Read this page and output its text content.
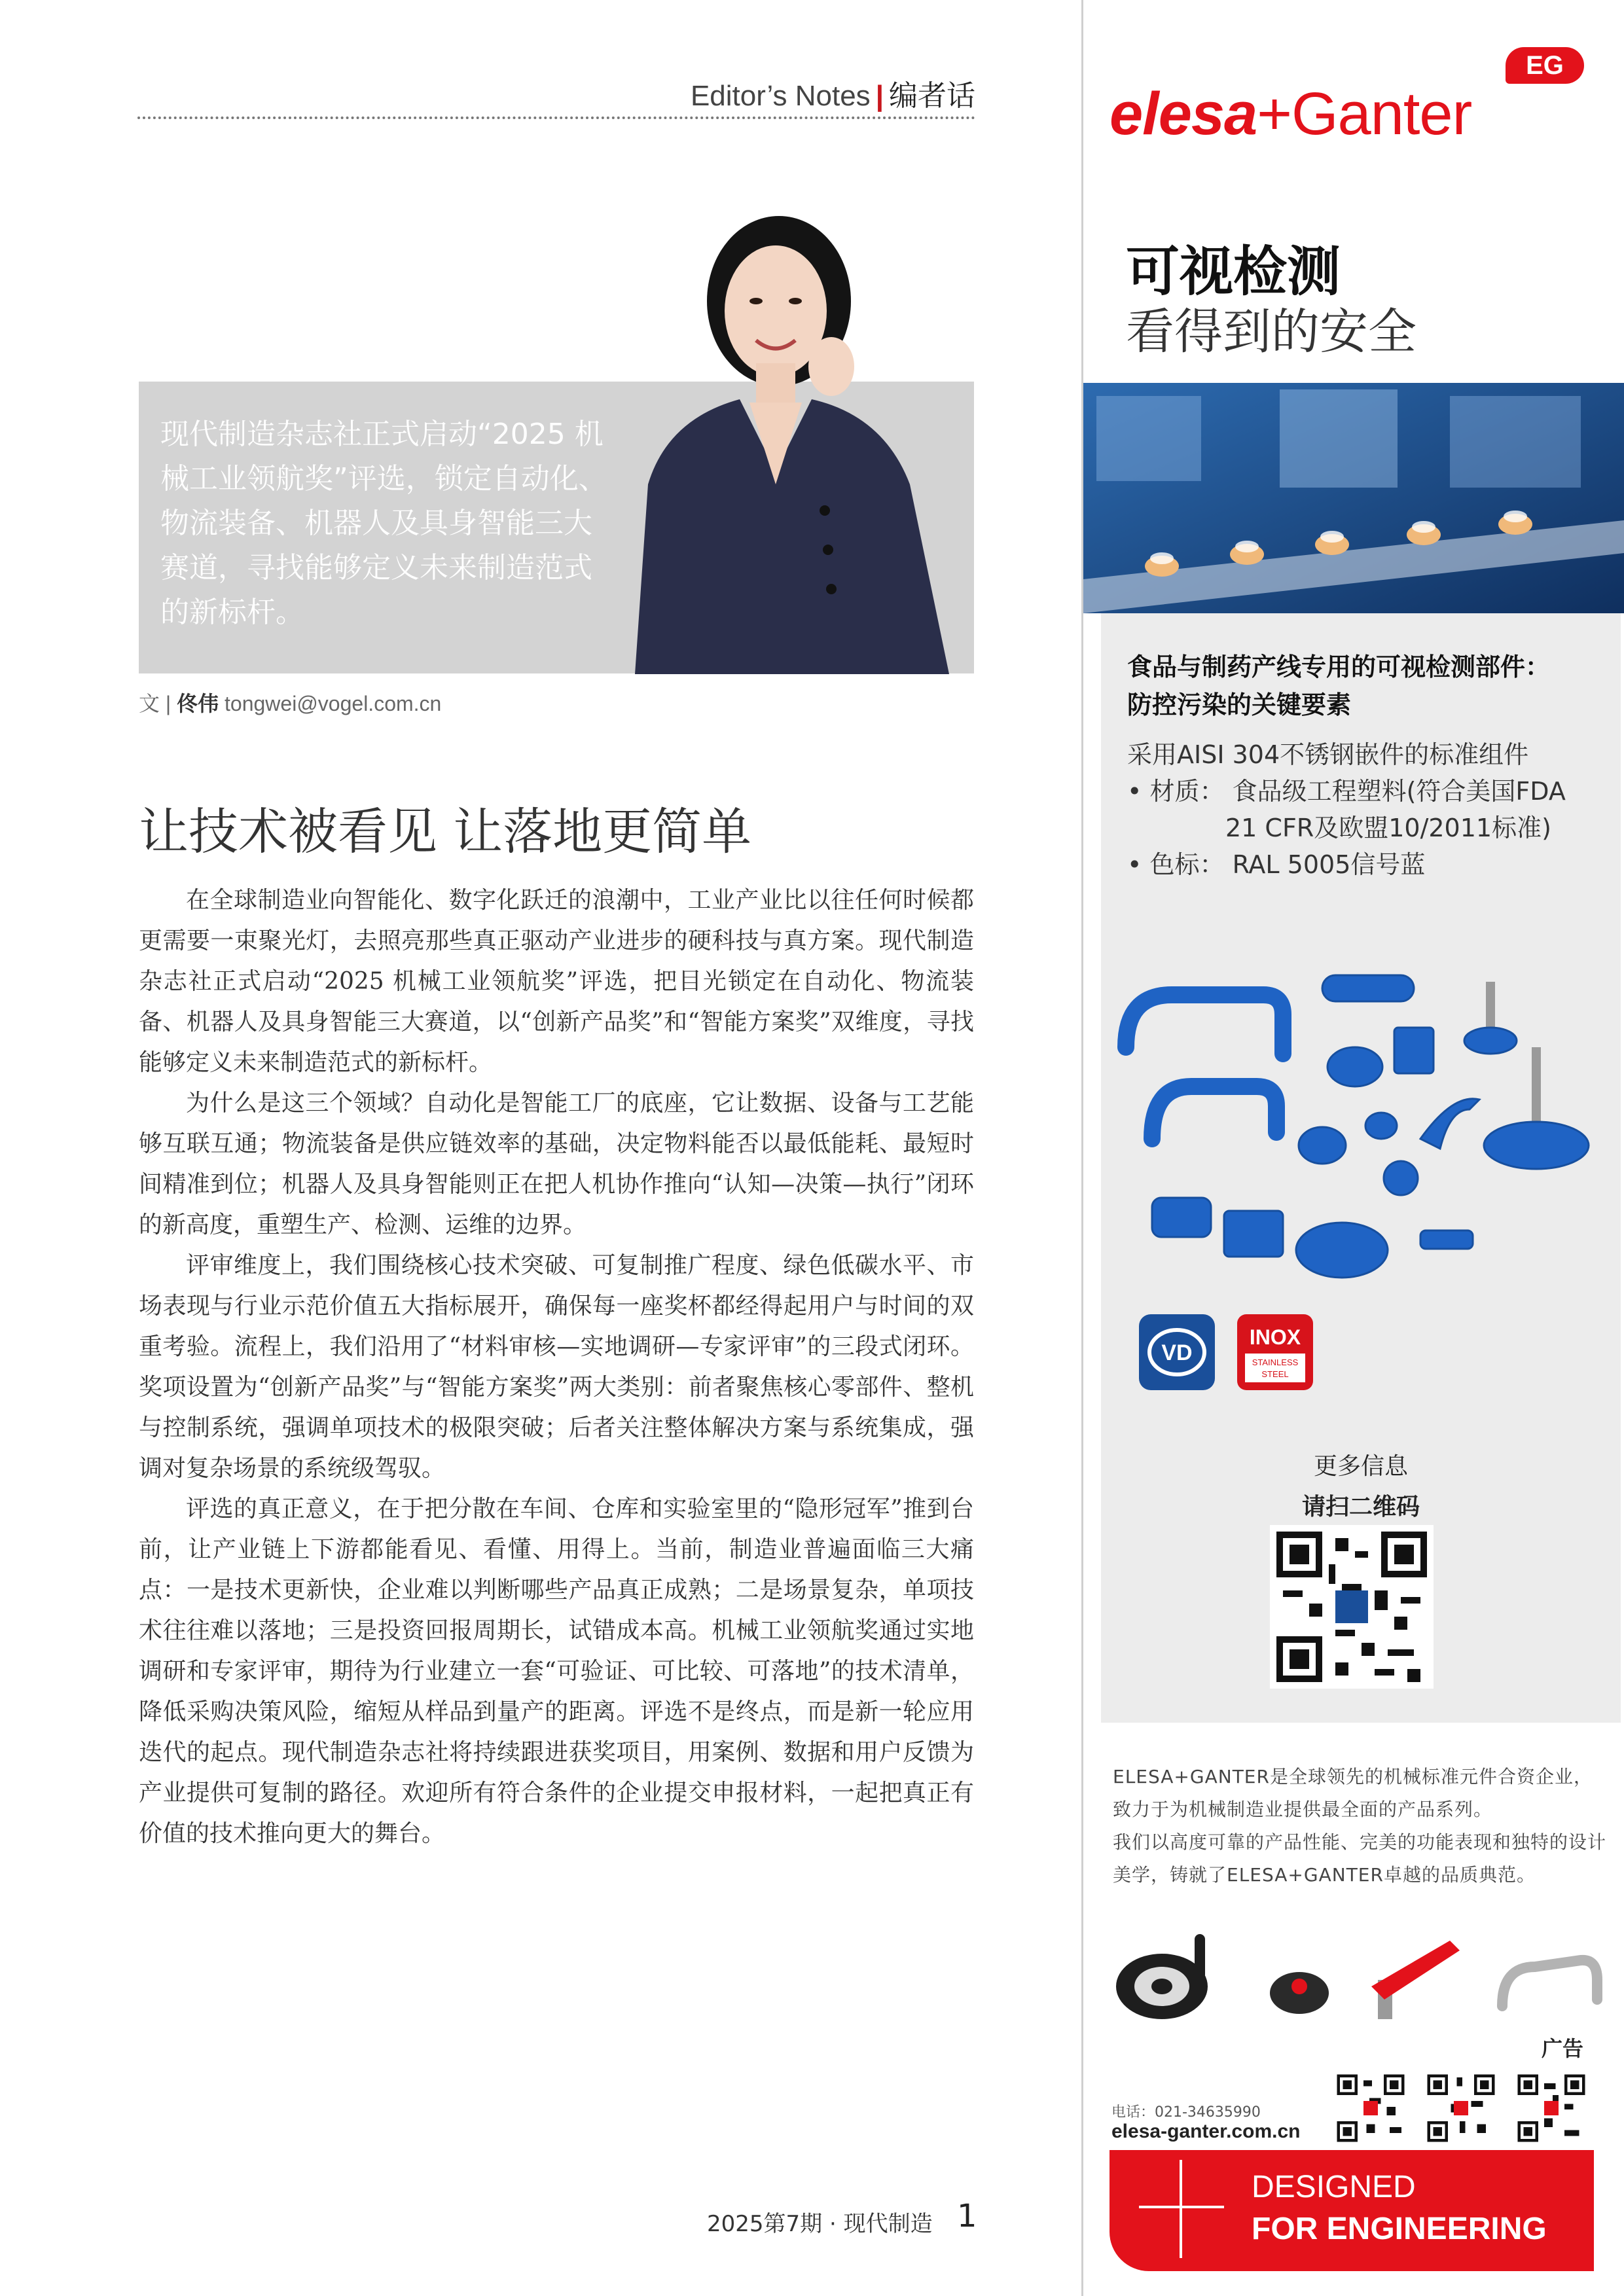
Editor’s Notes | 编者话
现代制造杂志社正式启动“2025 机械工业领航奖”评选，锁定自动化、物流装备、机器人及具身智能三大赛道，寻找能够定义未来制造范式的新标杆。
文 | 佟伟 tongwei@vogel.com.cn
让技术被看见 让落地更简单

在全球制造业向智能化、数字化跃迁的浪潮中，工业产业比以往任何时候都更需要一束聚光灯，去照亮那些真正驱动产业进步的硬科技与真方案。现代制造杂志社正式启动“2025 机械工业领航奖”评选，把目光锁定在自动化、物流装备、机器人及具身智能三大赛道，以“创新产品奖”和“智能方案奖”双维度，寻找能够定义未来制造范式的新标杆。

为什么是这三个领域？自动化是智能工厂的底座，它让数据、设备与工艺能够互联互通；物流装备是供应链效率的基础，决定物料能否以最低能耗、最短时间精准到位；机器人及具身智能则正在把人机协作推向“认知—决策—执行”闭环的新高度，重塑生产、检测、运维的边界。

评审维度上，我们围绕核心技术突破、可复制推广程度、绿色低碳水平、市场表现与行业示范价值五大指标展开，确保每一座奖杯都经得起用户与时间的双重考验。流程上，我们沿用了“材料审核—实地调研—专家评审”的三段式闭环。奖项设置为“创新产品奖”与“智能方案奖”两大类别：前者聚焦核心零部件、整机与控制系统，强调单项技术的极限突破；后者关注整体解决方案与系统集成，强调对复杂场景的系统级驾驭。

评选的真正意义，在于把分散在车间、仓库和实验室里的“隐形冠军”推到台前，让产业链上下游都能看见、看懂、用得上。当前，制造业普遍面临三大痛点：一是技术更新快，企业难以判断哪些产品真正成熟；二是场景复杂，单项技术往往难以落地；三是投资回报周期长，试错成本高。机械工业领航奖通过实地调研和专家评审，期待为行业建立一套“可验证、可比较、可落地”的技术清单，降低采购决策风险，缩短从样品到量产的距离。评选不是终点，而是新一轮应用迭代的起点。现代制造杂志社将持续跟进获奖项目，用案例、数据和用户反馈为产业提供可复制的路径。欢迎所有符合条件的企业提交申报材料，一起把真正有价值的技术推向更大的舞台。

2025第7期 · 现代制造 1
elesa+Ganter
EG
可视检测
看得到的安全
食品与制药产线专用的可视检测部件：
防控污染的关键要素
采用AISI 304不锈钢嵌件的标准组件
• 材质： 食品级工程塑料(符合美国FDA
21 CFR及欧盟10/2011标准)
• 色标： RAL 5005信号蓝
VD
INOX
STAINLESS
STEEL
更多信息
请扫二维码
ELESA+GANTER是全球领先的机械标准元件合资企业，致力于为机械制造业提供最全面的产品系列。
我们以高度可靠的产品性能、完美的功能表现和独特的设计美学，铸就了ELESA+GANTER卓越的品质典范。
广告
电话：021-34635990
elesa-ganter.com.cn
DESIGNED
FOR ENGINEERING
